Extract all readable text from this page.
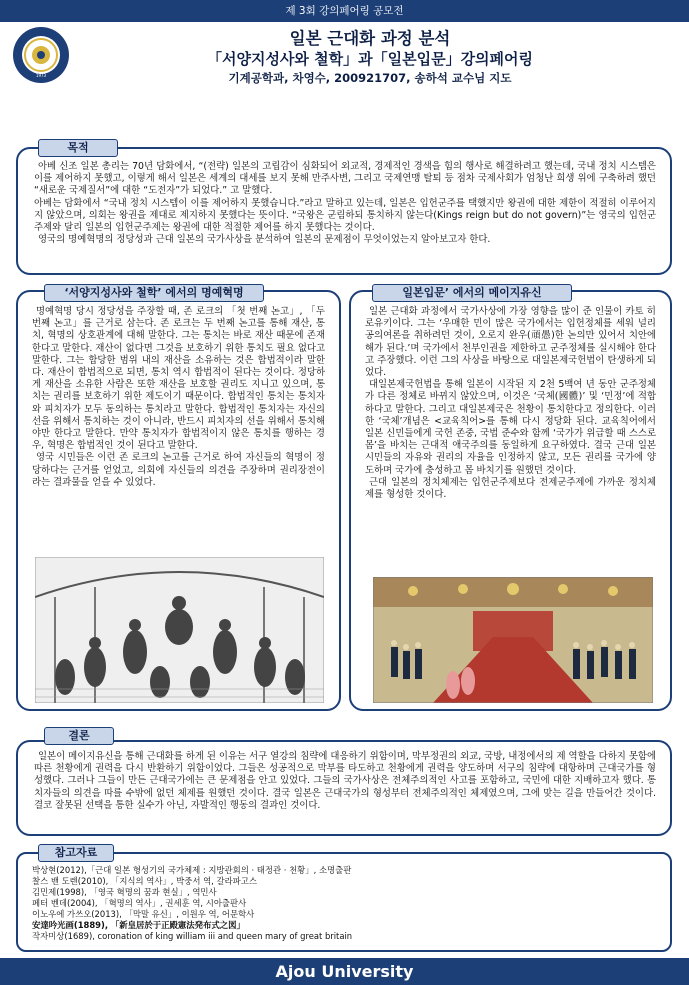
제 3회 강의페어링 공모전
1973
일본 근대화 과정 분석
「서양지성사와 철학」과「일본입문」강의페어링
기계공학과, 차영수, 200921707, 송하석 교수님 지도

아베 신조 일본 총리는 70년 담화에서, “(전략) 일본의 고립감이 심화되어 외교적, 경제적인 경색을 힘의 행사로 해결하려고 했는데, 국내 정치 시스템은 이를 제어하지 못했고, 이렇게 해서 일본은 세계의 대세를 보지 못해 만주사변, 그리고 국제연맹 탈퇴 등 점차 국제사회가 엄청난 희생 위에 구축하려 했던 “새로운 국제질서”에 대한 “도전자”가 되었다.” 고 말했다.

아베는 담화에서 “국내 정치 시스템이 이를 제어하지 못했습니다.”라고 말하고 있는데, 일본은 입헌군주를 택했지만 왕권에 대한 제한이 적절히 이루어지지 않았으며, 의회는 왕권을 제대로 제지하지 못했다는 뜻이다. “국왕은 군림하되 통치하지 않는다(Kings reign but do not govern)”는 영국의 입헌군주제와 달리 일본의 입헌군주제는 왕권에 대한 적절한 제어를 하지 못했다는 것이다.

영국의 명예혁명의 정당성과 근대 일본의 국가사상을 분석하여 일본의 문제점이 무엇이었는지 알아보고자 한다.

목적

명예혁명 당시 정당성을 주장할 때, 존 로크의 「첫 번째 논고」, 「두 번째 논고」를 근거로 삼는다. 존 로크는 두 번째 논고를 통해 재산, 통치, 혁명의 상호관계에 대해 말한다. 그는 통치는 바로 재산 때문에 존재한다고 말한다. 재산이 없다면 그것을 보호하기 위한 통치도 필요 없다고 말한다. 그는 합당한 범위 내의 재산을 소유하는 것은 합법적이라 말한다. 재산이 합법적으로 되면, 통치 역시 합법적이 된다는 것이다. 정당하게 재산을 소유한 사람은 또한 재산을 보호할 권리도 지니고 있으며, 통치는 권리를 보호하기 위한 제도이기 때문이다. 합법적인 통치는 통치자와 피치자가 모두 동의하는 통치라고 말한다. 합법적인 통치자는 자신의 선을 위해서 통치하는 것이 아니라, 반드시 피치자의 선을 위해서 통치해야만 한다고 말한다. 만약 통치자가 합법적이지 않은 통치를 행하는 경우, 혁명은 합법적인 것이 된다고 말한다.

영국 시민들은 이런 존 로크의 논고를 근거로 하여 자신들의 혁명이 정당하다는 근거를 얻었고, 의회에 자신들의 의견을 주장하며 권리장전이라는 결과물을 얻을 수 있었다.

‘서양지성사와 철학’ 에서의 명예혁명

일본 근대화 과정에서 국가사상에 가장 영향을 많이 준 인물이 카토 히로유키이다. 그는 ‘우매한 민이 많은 국가에서는 입헌정체를 세워 널리 공의여론을 취하려던 것이, 오로지 완우(頑愚)한 논의만 있어서 치안에 해가 된다.’며 국가에서 천부인권을 제한하고 군주정체를 실시해야 한다고 주장했다. 이런 그의 사상을 바탕으로 대일본제국헌법이 탄생하게 되었다.

대일본제국헌법을 통해 일본이 시작된 지 2천 5백여 년 동안 군주정체가 다른 정체로 바뀌지 않았으며, 이것은 ‘국체(國體)’ 및 ‘민정’에 적합하다고 말한다. 그리고 대일본제국은 천황이 통치한다고 정의한다. 이러한 ‘국체’개념은 <교육칙어>를 통해 다시 정당화 된다. 교육칙어에서 일본 신민들에게 국헌 존중, 국법 준수와 함께 ‘국가가 위급할 때 스스로 몸’을 바치는 근대적 애국주의를 동일하게 요구하였다. 결국 근대 일본 시민들의 자유와 권리의 자율을 인정하지 않고, 모든 권리를 국가에 양도하며 국가에 충성하고 몸 바치기를 원했던 것이다.

근대 일본의 정치체제는 입헌군주제보다 전제군주제에 가까운 정치체제를 형성한 것이다.

일본입문’ 에서의 메이지유신

일본이 메이지유신을 통해 근대화를 하게 된 이유는 서구 열강의 침략에 대응하기 위함이며, 막부정권의 외교, 국방, 내정에서의 제 역할을 다하지 못함에 따른 천황에게 권력을 다시 반환하기 위함이었다. 그들은 성공적으로 막부를 타도하고 천황에게 권력을 양도하며 서구의 침략에 대항하며 근대국가를 형성했다. 그러나 그들이 만든 근대국가에는 큰 문제점을 안고 있었다. 그들의 국가사상은 전체주의적인 사고를 포함하고, 국민에 대한 지배하고자 했다. 통치자들의 의견을 따를 수밖에 없던 체제를 원했던 것이다. 결국 일본은 근대국가의 형성부터 전체주의적인 체제였으며, 그에 맞는 길을 만들어간 것이다. 결코 잘못된 선택을 통한 실수가 아닌, 자발적인 행동의 결과인 것이다.

결론

박상현(2012),「근대 일본 형성기의 국가체제 : 지방관회의 · 태정관 · 천황」, 소명출판

찰스 밴 도렌(2010), 「지식의 역사」, 박중서 역, 갈라파고스

김민제(1998), 「영국 혁명의 꿈과 현실」, 역민사

페터 벤데(2004), 「혁명의 역사」, 권세훈 역, 시아출판사

이노우에 가쓰오(2013), 「막말 유신」, 이원우 역, 어문학사

安達吟光画(1889), 「新皇居於于正殿憲法発布式之図」

작자미상(1689), coronation of king william iii and queen mary of great britain

참고자료
Ajou University
